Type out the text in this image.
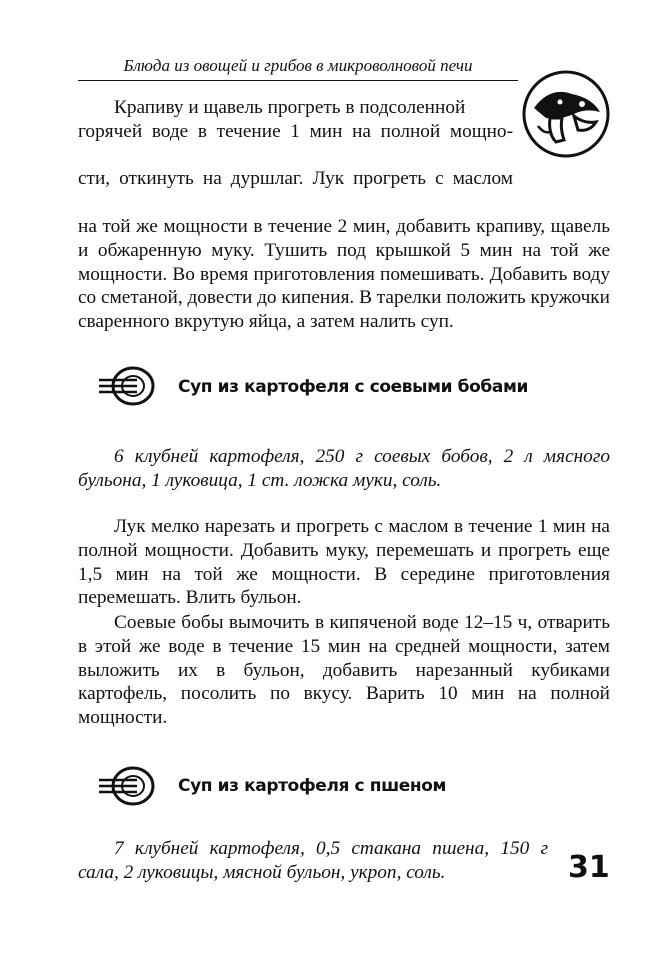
Блюда из овощей и грибов в микроволновой печи
Крапиву и щавель прогреть в подсоленной
горячей воде в течение 1 мин на полной мощно-
сти, откинуть на дуршлаг. Лук прогреть с маслом
на той же мощности в течение 2 мин, добавить крапиву, щавель и обжаренную муку. Тушить под крышкой 5 мин на той же мощности. Во время приготовления помешивать. Добавить воду со сметаной, довести до кипения. В тарелки положить кружочки сваренного вкрутую яйца, а затем налить суп.
Суп из картофеля с соевыми бобами

6 клубней картофеля, 250 г соевых бобов, 2 л мясного бульона, 1 луковица, 1 ст. ложка муки, соль.

Лук мелко нарезать и прогреть с маслом в течение 1 мин на полной мощности. Добавить муку, перемешать и прогреть еще 1,5 мин на той же мощности. В середине приготовления перемешать. Влить бульон.

Соевые бобы вымочить в кипяченой воде 12–15 ч, отварить в этой же воде в течение 15 мин на средней мощности, затем выложить их в бульон, добавить нарезанный кубиками картофель, посолить по вкусу. Варить 10 мин на полной мощности.

Суп из картофеля с пшеном

7 клубней картофеля, 0,5 стакана пшена, 150 г сала, 2 луковицы, мясной бульон, укроп, соль.	31
